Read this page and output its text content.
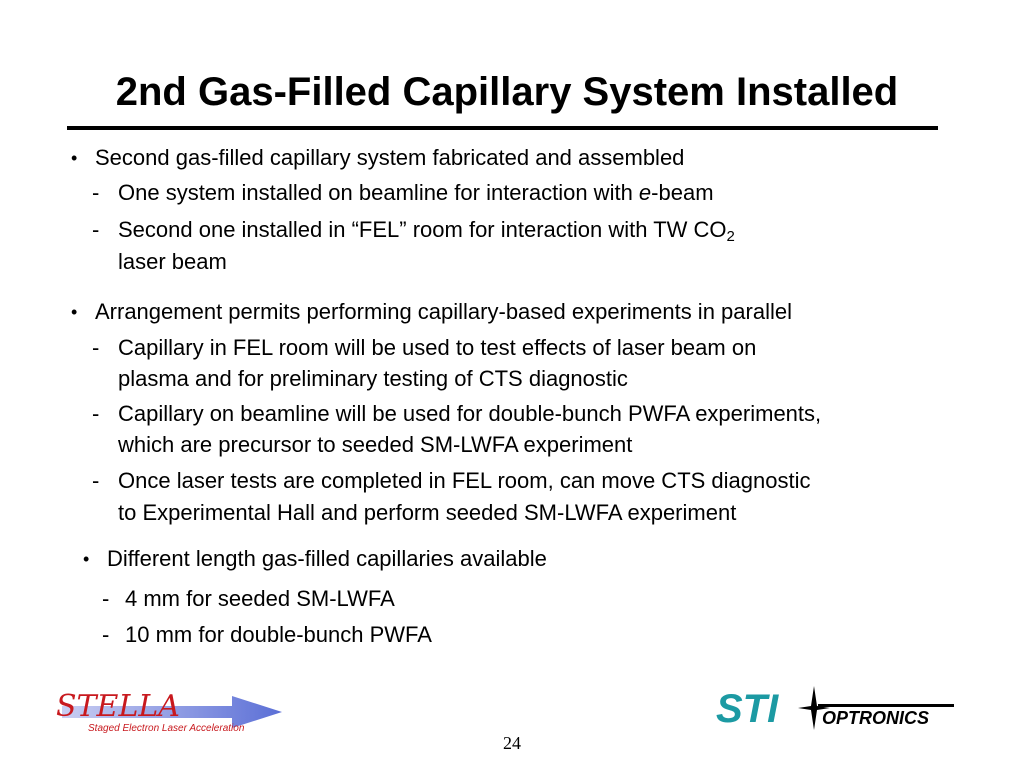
2nd Gas-Filled Capillary System Installed
• Second gas-filled capillary system fabricated and assembled
- One system installed on beamline for interaction with e-beam
- Second one installed in “FEL” room for interaction with TW $CO_2$
laser beam
• Arrangement permits performing capillary-based experiments in parallel
- Capillary in FEL room will be used to test effects of laser beam on
plasma and for preliminary testing of CTS diagnostic
- Capillary on beamline will be used for double-bunch PWFA experiments,
which are precursor to seeded SM-LWFA experiment
- Once laser tests are completed in FEL room, can move CTS diagnostic
to Experimental Hall and perform seeded SM-LWFA experiment
• Different length gas-filled capillaries available
- 4 mm for seeded SM-LWFA
- 10 mm for double-bunch PWFA
STELLA
Staged Electron Laser Acceleration	STI OPTRONICS
24
